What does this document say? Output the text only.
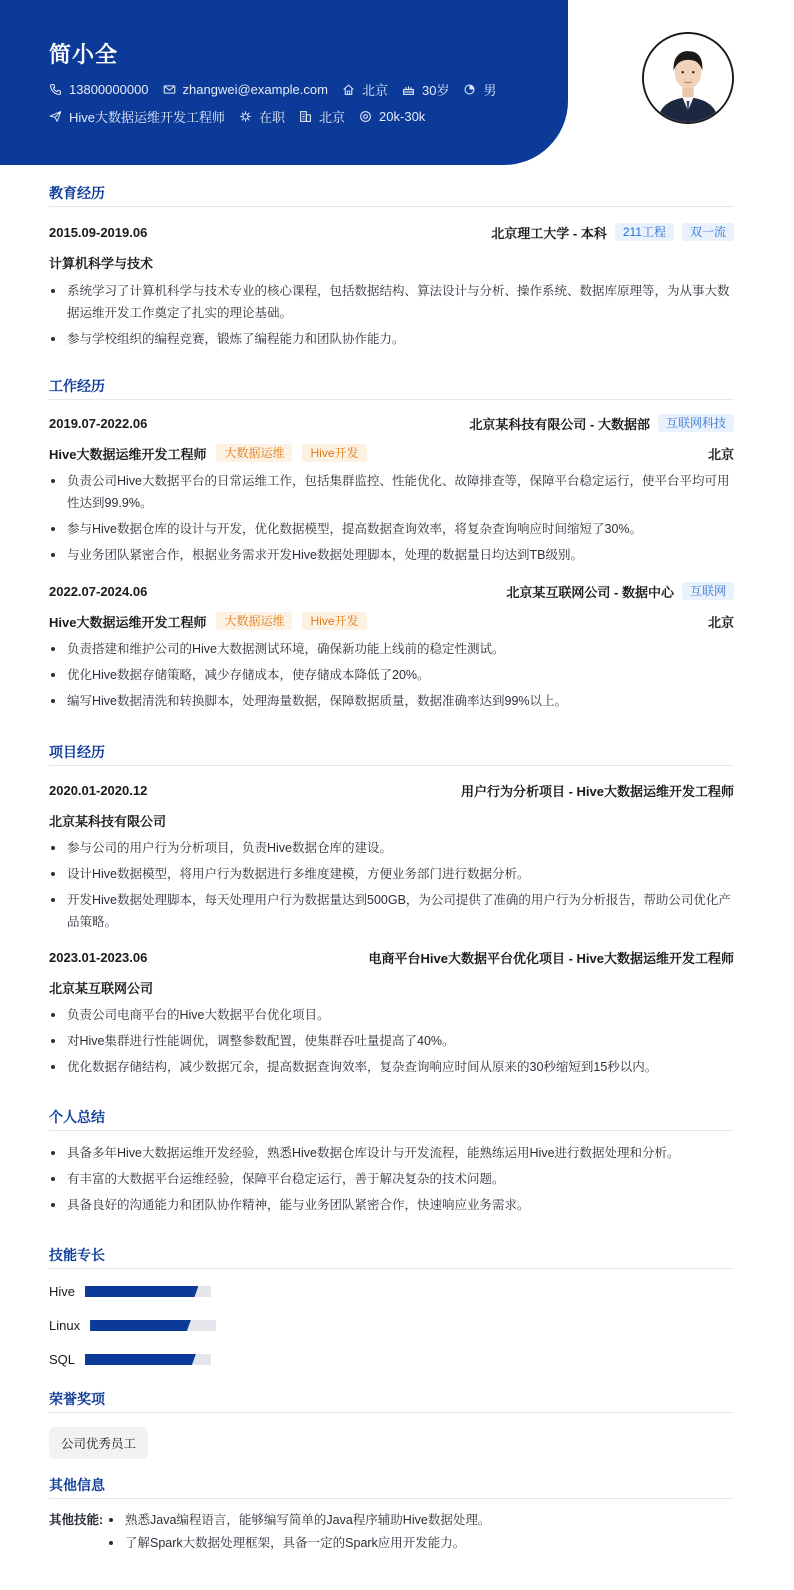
简小全
13800000000	zhangwei@example.com	北京	30岁	男
Hive大数据运维开发工程师	在职	北京	20k-30k
教育经历
2015.09-2019.06	北京理工大学 - 本科	211工程	双一流
计算机科学与技术
系统学习了计算机科学与技术专业的核心课程，包括数据结构、算法设计与分析、操作系统、数据库原理等，为从事大数据运维开发工作奠定了扎实的理论基础。
参与学校组织的编程竞赛，锻炼了编程能力和团队协作能力。
工作经历
2019.07-2022.06	北京某科技有限公司 - 大数据部	互联网科技
Hive大数据运维开发工程师	大数据运维	Hive开发	北京
负责公司Hive大数据平台的日常运维工作，包括集群监控、性能优化、故障排查等，保障平台稳定运行，使平台平均可用性达到99.9%。
参与Hive数据仓库的设计与开发，优化数据模型，提高数据查询效率，将复杂查询响应时间缩短了30%。
与业务团队紧密合作，根据业务需求开发Hive数据处理脚本，处理的数据量日均达到TB级别。
2022.07-2024.06	北京某互联网公司 - 数据中心	互联网
Hive大数据运维开发工程师	大数据运维	Hive开发	北京
负责搭建和维护公司的Hive大数据测试环境，确保新功能上线前的稳定性测试。
优化Hive数据存储策略，减少存储成本，使存储成本降低了20%。
编写Hive数据清洗和转换脚本，处理海量数据，保障数据质量，数据准确率达到99%以上。
项目经历
2020.01-2020.12	用户行为分析项目 - Hive大数据运维开发工程师
北京某科技有限公司
参与公司的用户行为分析项目，负责Hive数据仓库的建设。
设计Hive数据模型，将用户行为数据进行多维度建模，方便业务部门进行数据分析。
开发Hive数据处理脚本，每天处理用户行为数据量达到500GB，为公司提供了准确的用户行为分析报告，帮助公司优化产品策略。
2023.01-2023.06	电商平台Hive大数据平台优化项目 - Hive大数据运维开发工程师
北京某互联网公司
负责公司电商平台的Hive大数据平台优化项目。
对Hive集群进行性能调优，调整参数配置，使集群吞吐量提高了40%。
优化数据存储结构，减少数据冗余，提高数据查询效率，复杂查询响应时间从原来的30秒缩短到15秒以内。
个人总结
具备多年Hive大数据运维开发经验，熟悉Hive数据仓库设计与开发流程，能熟练运用Hive进行数据处理和分析。
有丰富的大数据平台运维经验，保障平台稳定运行，善于解决复杂的技术问题。
具备良好的沟通能力和团队协作精神，能与业务团队紧密合作，快速响应业务需求。
技能专长
Hive
Linux
SQL
荣誉奖项
公司优秀员工
其他信息
其他技能:	熟悉Java编程语言，能够编写简单的Java程序辅助Hive数据处理。
了解Spark大数据处理框架，具备一定的Spark应用开发能力。
